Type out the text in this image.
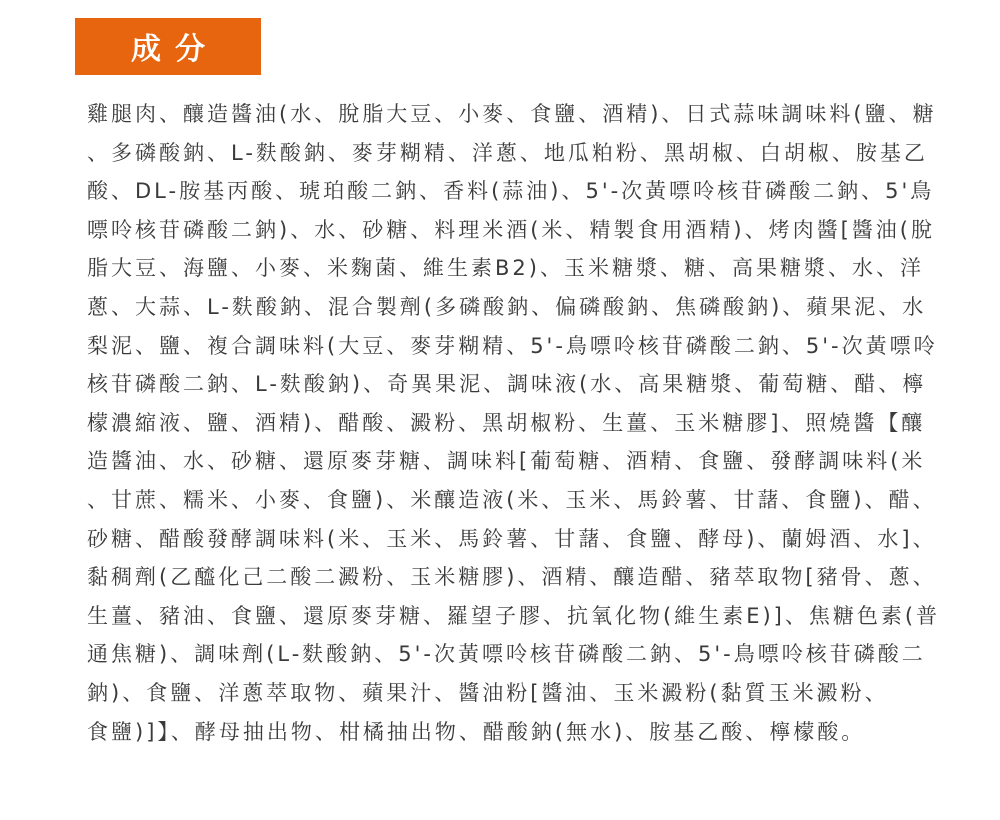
成分
雞腿肉、釀造醬油(水、脫脂大豆、小麥、食鹽、酒精)、日式蒜味調味料(鹽、糖
、多磷酸鈉、L-麩酸鈉、麥芽糊精、洋蔥、地瓜粕粉、黑胡椒、白胡椒、胺基乙
酸、DL-胺基丙酸、琥珀酸二鈉、香料(蒜油)、5'-次黃嘌呤核苷磷酸二鈉、5'鳥
嘌呤核苷磷酸二鈉)、水、砂糖、料理米酒(米、精製食用酒精)、烤肉醬[醬油(脫
脂大豆、海鹽、小麥、米麴菌、維生素B2)、玉米糖漿、糖、高果糖漿、水、洋
蔥、大蒜、L-麩酸鈉、混合製劑(多磷酸鈉、偏磷酸鈉、焦磷酸鈉)、蘋果泥、水
梨泥、鹽、複合調味料(大豆、麥芽糊精、5'-鳥嘌呤核苷磷酸二鈉、5'-次黃嘌呤
核苷磷酸二鈉、L-麩酸鈉)、奇異果泥、調味液(水、高果糖漿、葡萄糖、醋、檸
檬濃縮液、鹽、酒精)、醋酸、澱粉、黑胡椒粉、生薑、玉米糖膠]、照燒醬【釀
造醬油、水、砂糖、還原麥芽糖、調味料[葡萄糖、酒精、食鹽、發酵調味料(米
、甘蔗、糯米、小麥、食鹽)、米釀造液(米、玉米、馬鈴薯、甘藷、食鹽)、醋、
砂糖、醋酸發酵調味料(米、玉米、馬鈴薯、甘藷、食鹽、酵母)、蘭姆酒、水]、
黏稠劑(乙醯化己二酸二澱粉、玉米糖膠)、酒精、釀造醋、豬萃取物[豬骨、蔥、
生薑、豬油、食鹽、還原麥芽糖、羅望子膠、抗氧化物(維生素E)]、焦糖色素(普
通焦糖)、調味劑(L-麩酸鈉、5'-次黃嘌呤核苷磷酸二鈉、5'-鳥嘌呤核苷磷酸二
鈉)、食鹽、洋蔥萃取物、蘋果汁、醬油粉[醬油、玉米澱粉(黏質玉米澱粉、
食鹽)]】、酵母抽出物、柑橘抽出物、醋酸鈉(無水)、胺基乙酸、檸檬酸。
